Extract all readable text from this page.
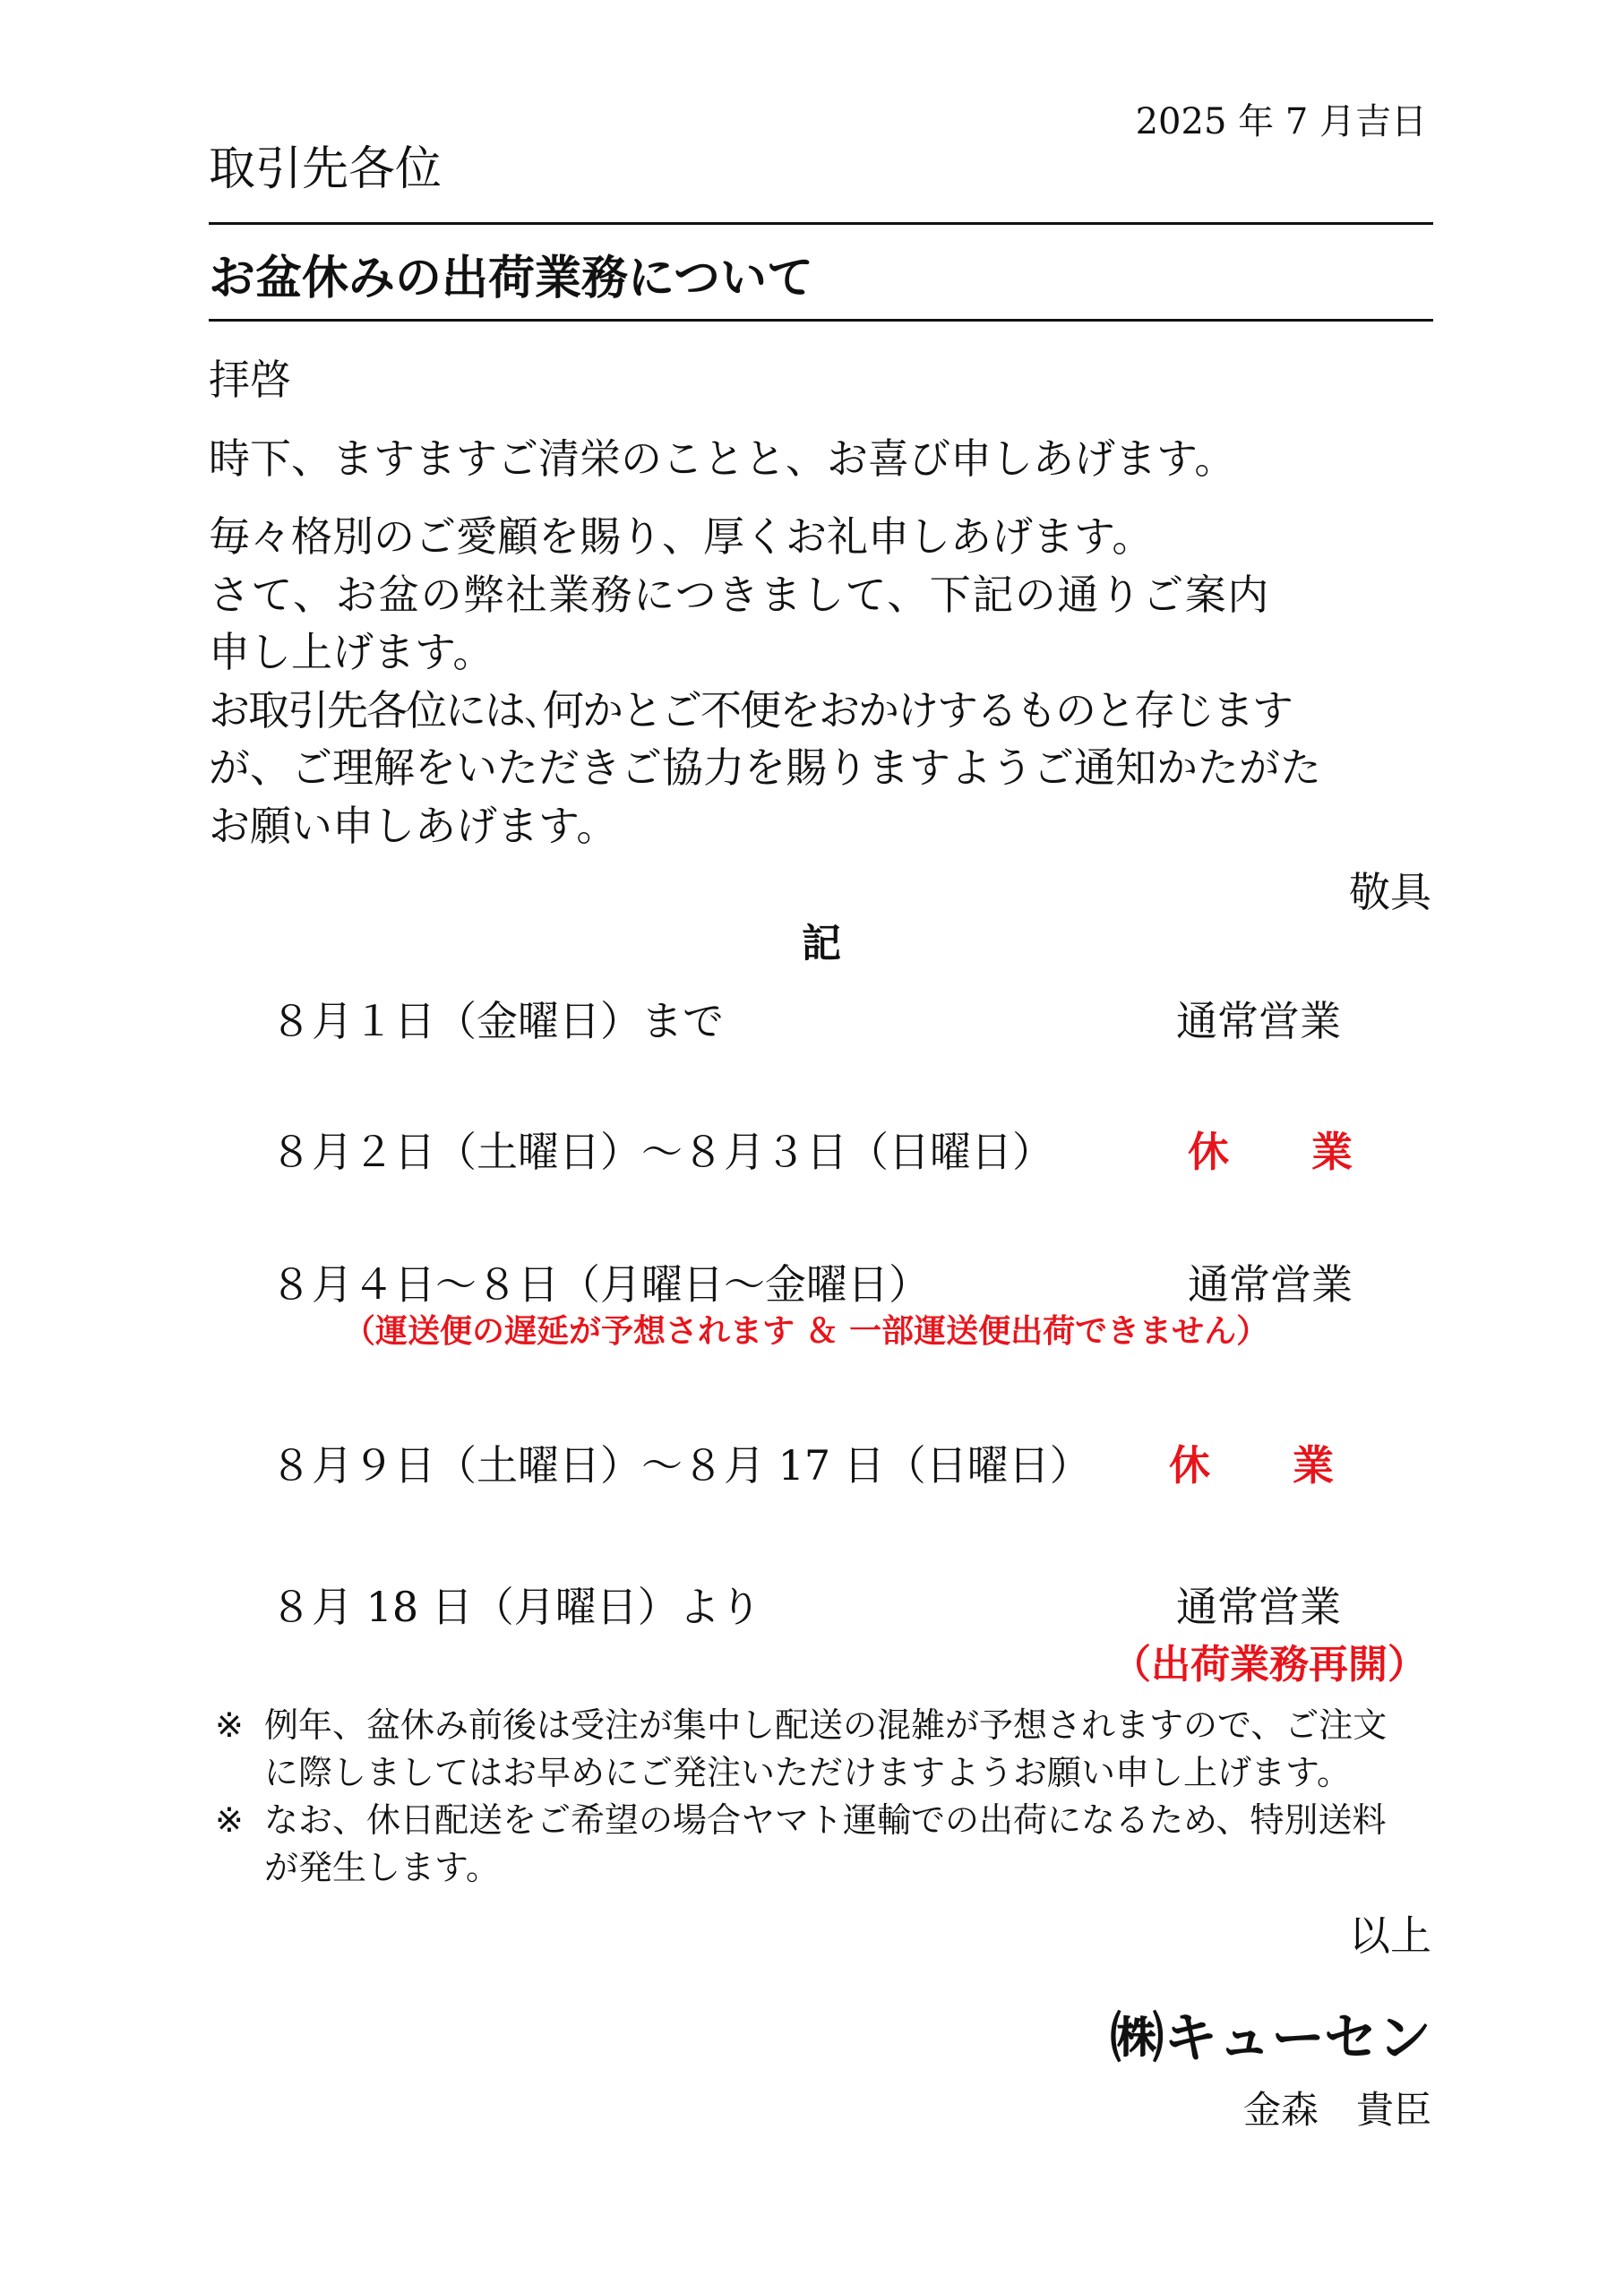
2025 年 7 月吉日
取引先各位
お盆休みの出荷業務について
拝啓
時下、ますますご清栄のことと、お喜び申しあげます。
毎々格別のご愛顧を賜り、厚くお礼申しあげます。
さて、お盆の弊社業務につきまして、下記の通りご案内
申し上げます。
お取引先各位には､何かとご不便をおかけするものと存じます
が、ご理解をいただきご協力を賜りますようご通知かたがた
お願い申しあげます。
敬具
記
８月１日（金曜日）まで	通常営業
８月２日（土曜日）～８月３日（日曜日）	休　　業
８月４日～８日（月曜日～金曜日）	通常営業
（運送便の遅延が予想されます ＆ 一部運送便出荷できません）
８月９日（土曜日）～８月 17 日（日曜日） 休　　業
８月 18 日（月曜日）より	通常営業
（出荷業務再開）
※ 例年、盆休み前後は受注が集中し配送の混雑が予想されますので、ご注文
に際しましてはお早めにご発注いただけますようお願い申し上げます。
※ なお、休日配送をご希望の場合ヤマト運輸での出荷になるため、特別送料
が発生します。
以上
㈱キューセン
金森　貴臣
